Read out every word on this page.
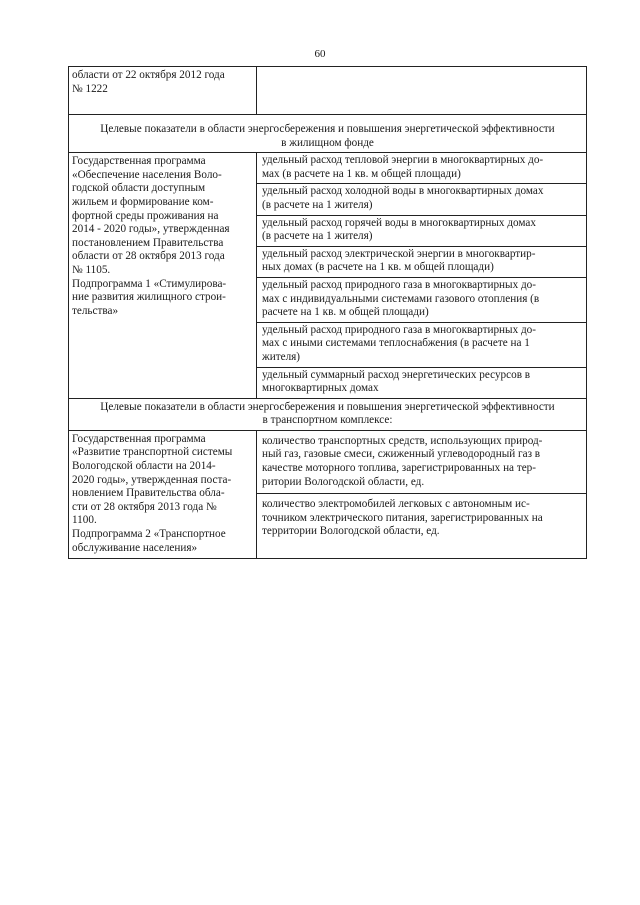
60
области от 22 октября 2012 года
№ 1222
Целевые показатели в области энергосбережения и повышения энергетической эффективности
в жилищном фонде
Государственная программа
«Обеспечение населения Воло-
годской области доступным
жильем и формирование ком-
фортной среды проживания на
2014 - 2020 годы», утвержденная
постановлением Правительства
области от 28 октября 2013 года
№ 1105.
Подпрограмма 1 «Стимулирова-
ние развития жилищного строи-
тельства»
удельный расход тепловой энергии в многоквартирных до-
мах (в расчете на 1 кв. м общей площади)
удельный расход холодной воды в многоквартирных домах
(в расчете на 1 жителя)
удельный расход горячей воды в многоквартирных домах
(в расчете на 1 жителя)
удельный расход электрической энергии в многоквартир-
ных домах (в расчете на 1 кв. м общей площади)
удельный расход природного газа в многоквартирных до-
мах с индивидуальными системами газового отопления (в
расчете на 1 кв. м общей площади)
удельный расход природного газа в многоквартирных до-
мах с иными системами теплоснабжения (в расчете на 1
жителя)
удельный суммарный расход энергетических ресурсов в
многоквартирных домах
Целевые показатели в области энергосбережения и повышения энергетической эффективности
в транспортном комплексе:
Государственная программа
«Развитие транспортной системы
Вологодской области на 2014-
2020 годы», утвержденная поста-
новлением Правительства обла-
сти от 28 октября 2013 года №
1100.
Подпрограмма 2 «Транспортное
обслуживание населения»
количество транспортных средств, использующих природ-
ный газ, газовые смеси, сжиженный углеводородный газ в
качестве моторного топлива, зарегистрированных на тер-
ритории Вологодской области, ед.
количество электромобилей легковых с автономным ис-
точником электрического питания, зарегистрированных на
территории Вологодской области, ед.
